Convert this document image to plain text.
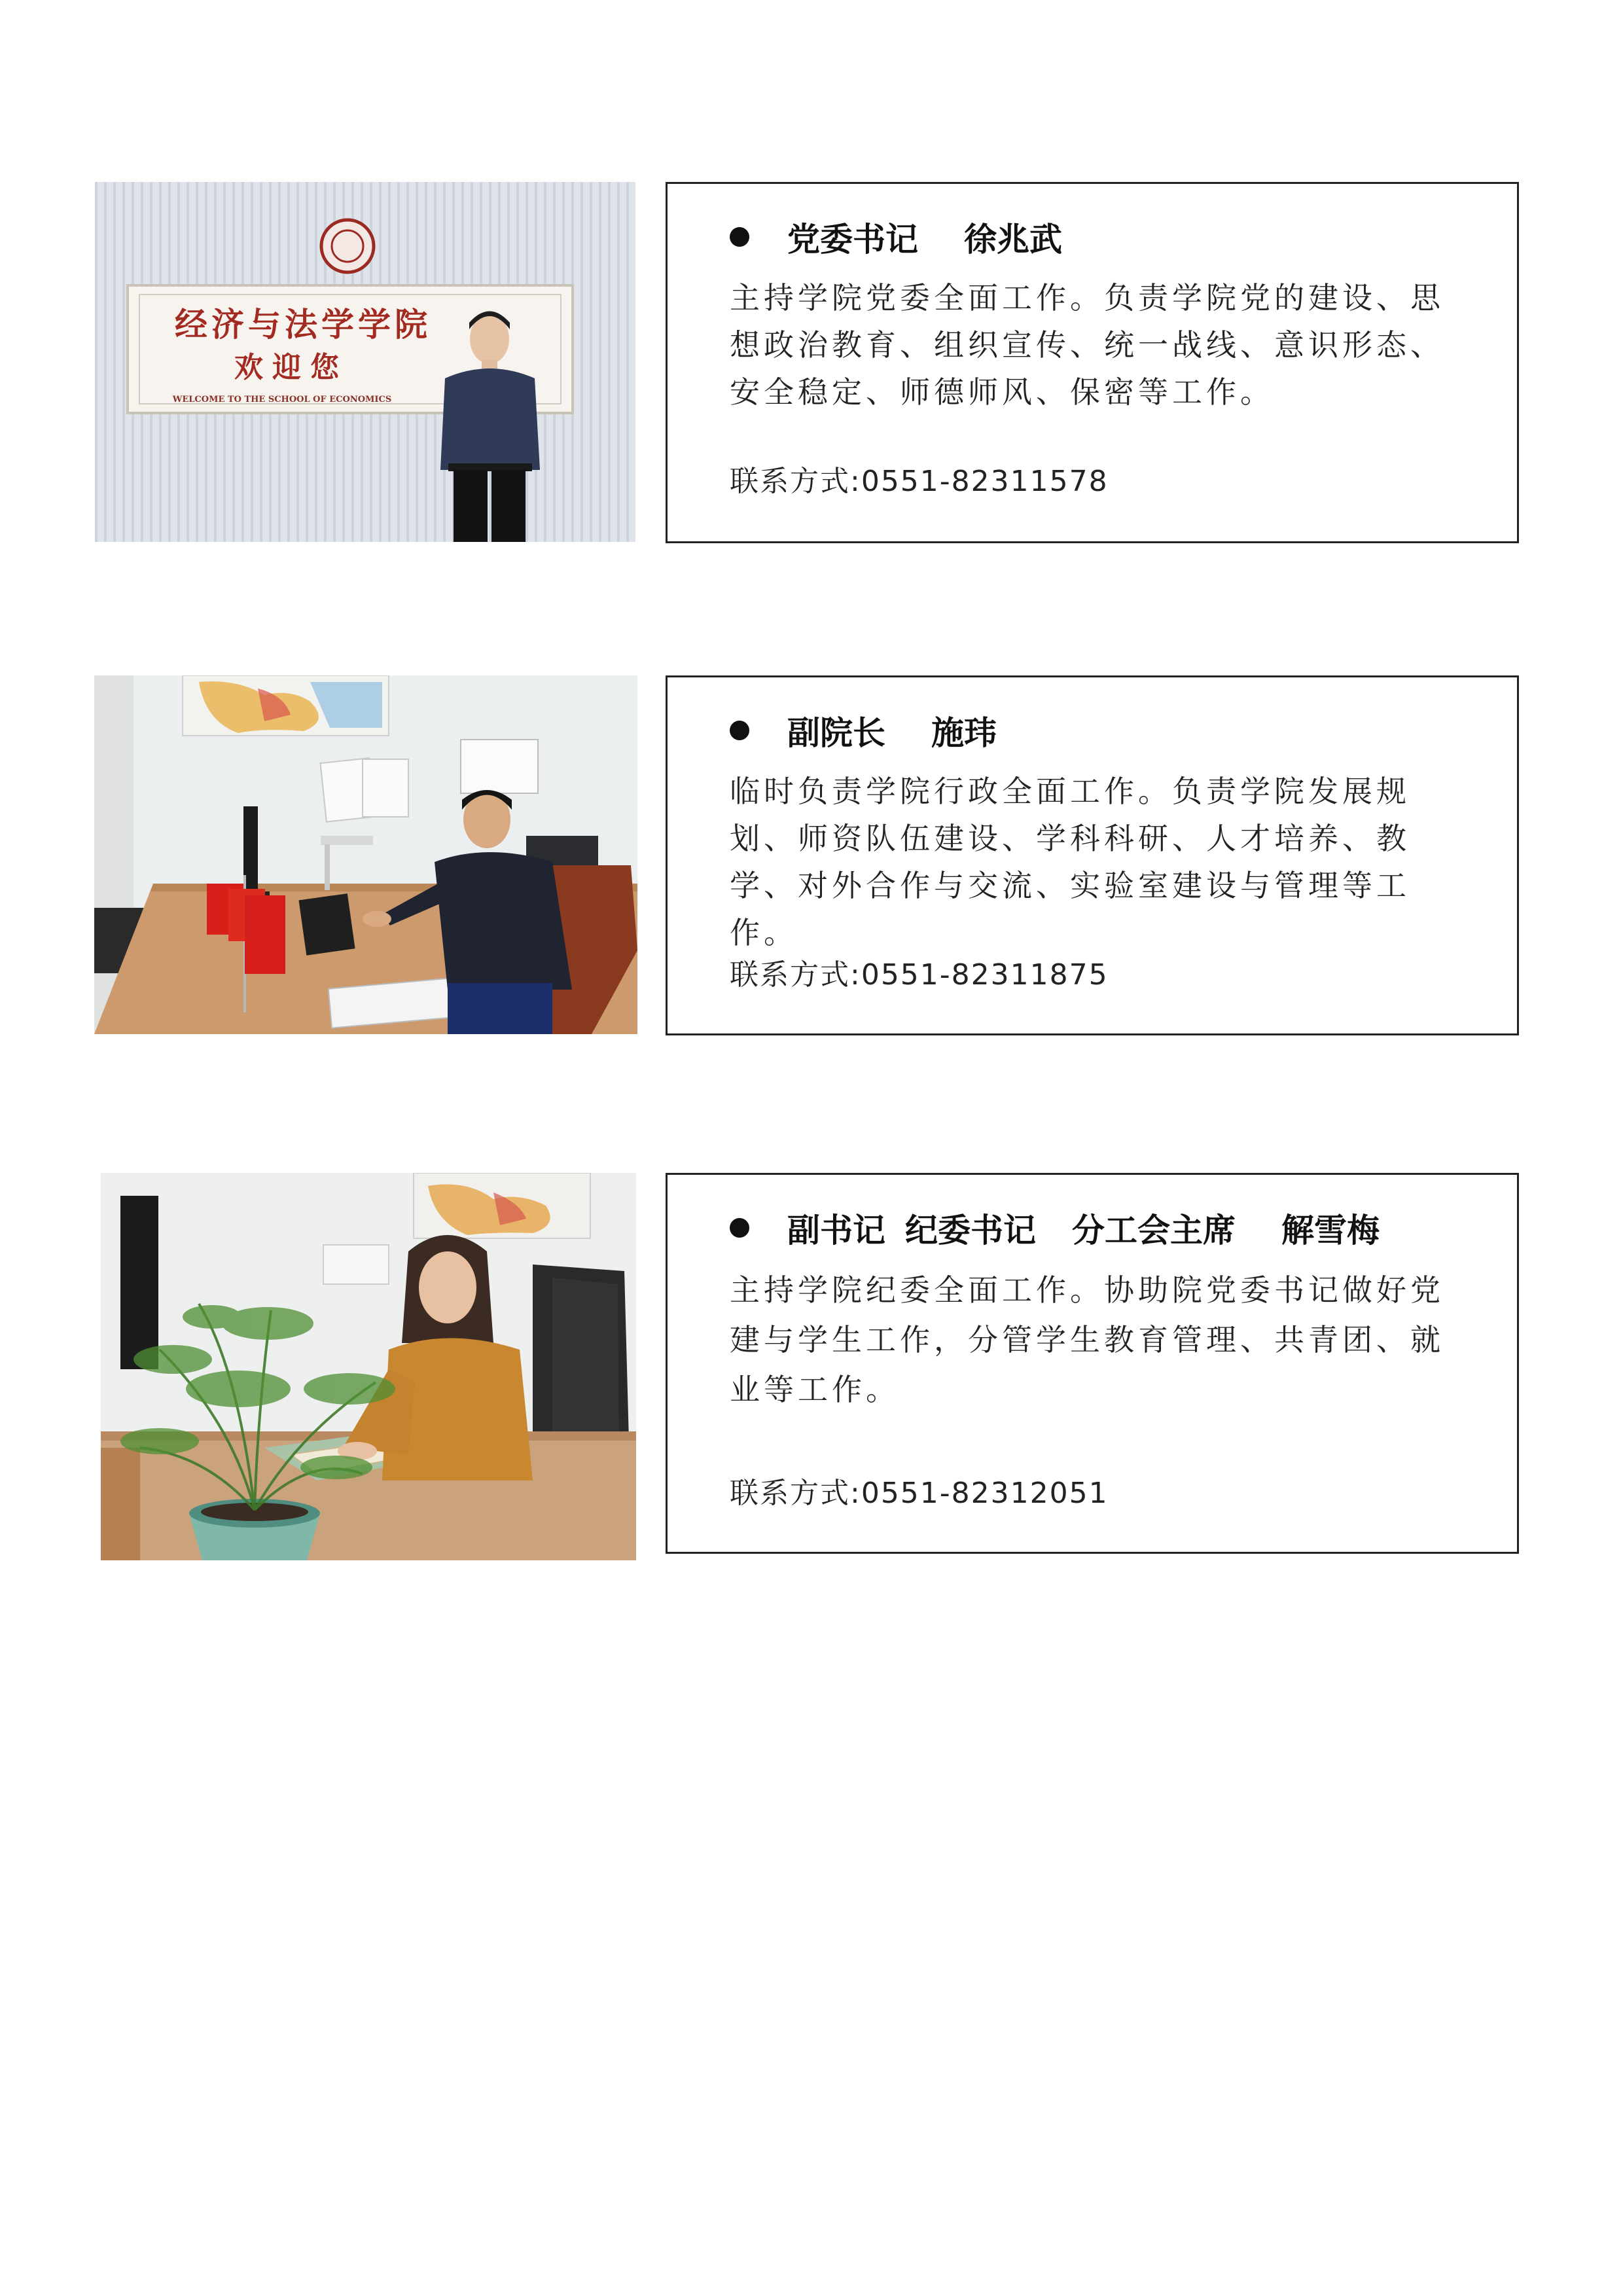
经济与法学学院
欢迎您
WELCOME TO THE SCHOOL OF ECONOMICS
党委书记 徐兆武
主持学院党委全面工作。负责学院党的建设、思想政治教育、组织宣传、统一战线、意识形态、安全稳定、师德师风、保密等工作。
联系方式:0551-82311578
副院长 施玮
临时负责学院行政全面工作。负责学院发展规划、师资队伍建设、学科科研、人才培养、教学、对外合作与交流、实验室建设与管理等工作。
联系方式:0551-82311875
副书记 纪委书记 分工会主席 解雪梅
主持学院纪委全面工作。协助院党委书记做好党建与学生工作，分管学生教育管理、共青团、就业等工作。
联系方式:0551-82312051
